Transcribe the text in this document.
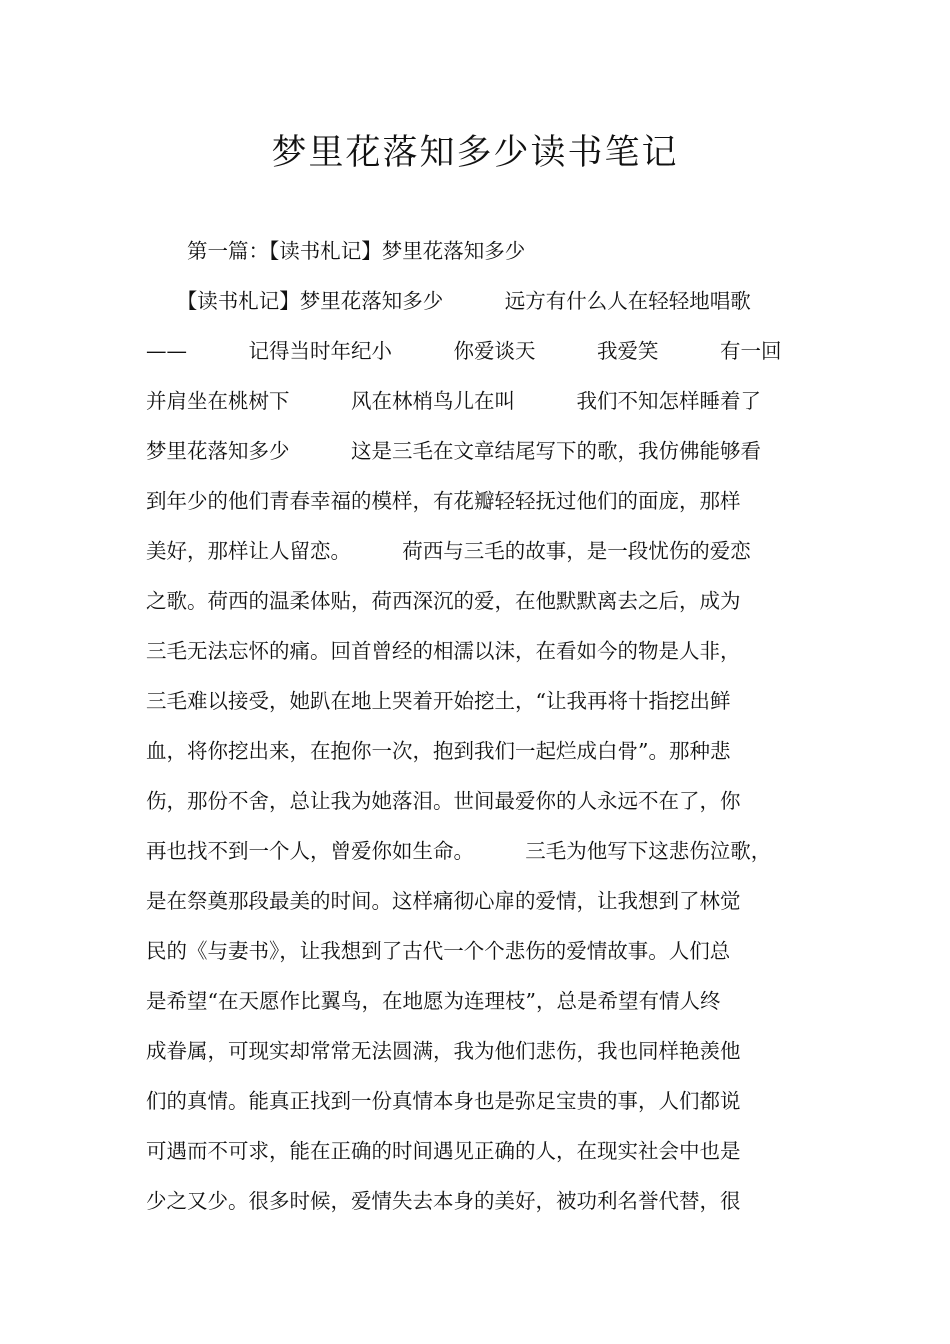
梦里花落知多少读书笔记

　　第一篇：【读书札记】梦里花落知多少

　　【读书札记】梦里花落知多少　　　远方有什么人在轻轻地唱歌

——　　　记得当时年纪小　　　你爱谈天　　　我爱笑　　　有一回

并肩坐在桃树下　　　风在林梢鸟儿在叫　　　我们不知怎样睡着了

梦里花落知多少　　　这是三毛在文章结尾写下的歌，我仿佛能够看

到年少的他们青春幸福的模样，有花瓣轻轻抚过他们的面庞，那样

美好，那样让人留恋。　　　荷西与三毛的故事，是一段忧伤的爱恋

之歌。荷西的温柔体贴，荷西深沉的爱，在他默默离去之后，成为

三毛无法忘怀的痛。回首曾经的相濡以沫，在看如今的物是人非，

三毛难以接受，她趴在地上哭着开始挖土，“让我再将十指挖出鲜

血，将你挖出来，在抱你一次，抱到我们一起烂成白骨”。那种悲

伤，那份不舍，总让我为她落泪。世间最爱你的人永远不在了，你

再也找不到一个人，曾爱你如生命。　　　三毛为他写下这悲伤泣歌，

是在祭奠那段最美的时间。这样痛彻心扉的爱情，让我想到了林觉

民的《与妻书》，让我想到了古代一个个悲伤的爱情故事。人们总

是希望“在天愿作比翼鸟，在地愿为连理枝”，总是希望有情人终

成眷属，可现实却常常无法圆满，我为他们悲伤，我也同样艳羡他

们的真情。能真正找到一份真情本身也是弥足宝贵的事，人们都说

可遇而不可求，能在正确的时间遇见正确的人，在现实社会中也是

少之又少。很多时候，爱情失去本身的美好，被功利名誉代替，很
